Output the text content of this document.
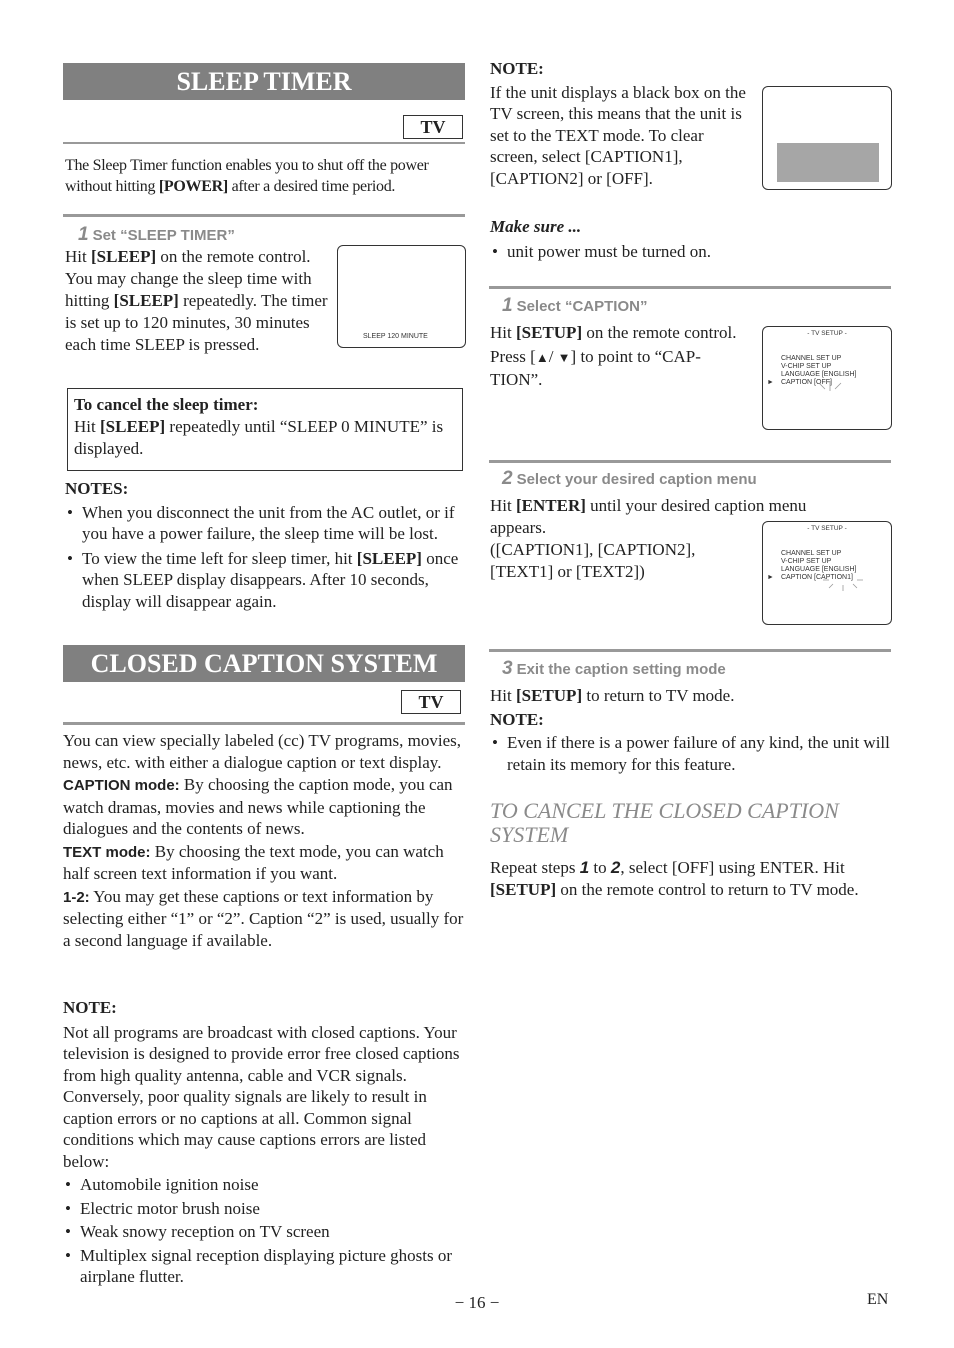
SLEEP TIMER
TV
The Sleep Timer function enables you to shut off the power without hitting [POWER] after a desired time period.
1 Set “SLEEP TIMER”
Hit [SLEEP] on the remote control. You may change the sleep time with hitting [SLEEP] repeatedly. The timer is set up to 120 minutes, 30 minutes each time SLEEP is pressed.	SLEEP 120 MINUTE
To cancel the sleep timer:
Hit [SLEEP] repeatedly until “SLEEP 0 MINUTE” is displayed.
NOTES:
• When you disconnect the unit from the AC outlet, or if you have a power failure, the sleep time will be lost.
• To view the time left for sleep timer, hit [SLEEP] once when SLEEP display disappears. After 10 seconds, display will disappear again.
CLOSED CAPTION SYSTEM
TV
You can view specially labeled (cc) TV programs, movies, news, etc. with either a dialogue caption or text display.
CAPTION mode: By choosing the caption mode, you can watch dramas, movies and news while captioning the dialogues and the contents of news.
TEXT mode: By choosing the text mode, you can watch half screen text information if you want.
1-2: You may get these captions or text information by selecting either “1” or “2”. Caption “2” is used, usually for a second language if available.
NOTE:
Not all programs are broadcast with closed captions. Your television is designed to provide error free closed captions from high quality antenna, cable and VCR signals. Conversely, poor quality signals are likely to result in caption errors or no captions at all. Common signal conditions which may cause captions errors are listed below:
• Automobile ignition noise
• Electric motor brush noise
• Weak snowy reception on TV screen
• Multiplex signal reception displaying picture ghosts or airplane flutter.
NOTE:
If the unit displays a black box on the TV screen, this means that the unit is set to the TEXT mode. To clear screen, select [CAPTION1], [CAPTION2] or [OFF].
Make sure ...
• unit power must be turned on.
1 Select “CAPTION”
Hit [SETUP] on the remote control.
Press [▲/ ▼] to point to “CAP-TION”.
- TV SETUP -
CHANNEL SET UP
V-CHIP SET UP
LANGUAGE [ENGLISH]
CAPTION [OFF]
►
2 Select your desired caption menu
Hit [ENTER] until your desired caption menu appears.
([CAPTION1], [CAPTION2], [TEXT1] or [TEXT2])
- TV SETUP -
CHANNEL SET UP
V-CHIP SET UP
LANGUAGE [ENGLISH]
CAPTION [CAPTION1]
►
3 Exit the caption setting mode
Hit [SETUP] to return to TV mode.
NOTE:
• Even if there is a power failure of any kind, the unit will retain its memory for this feature.
TO CANCEL THE CLOSED CAPTION SYSTEM
Repeat steps 1 to 2, select [OFF] using ENTER. Hit [SETUP] on the remote control to return to TV mode.
− 16 −	EN
